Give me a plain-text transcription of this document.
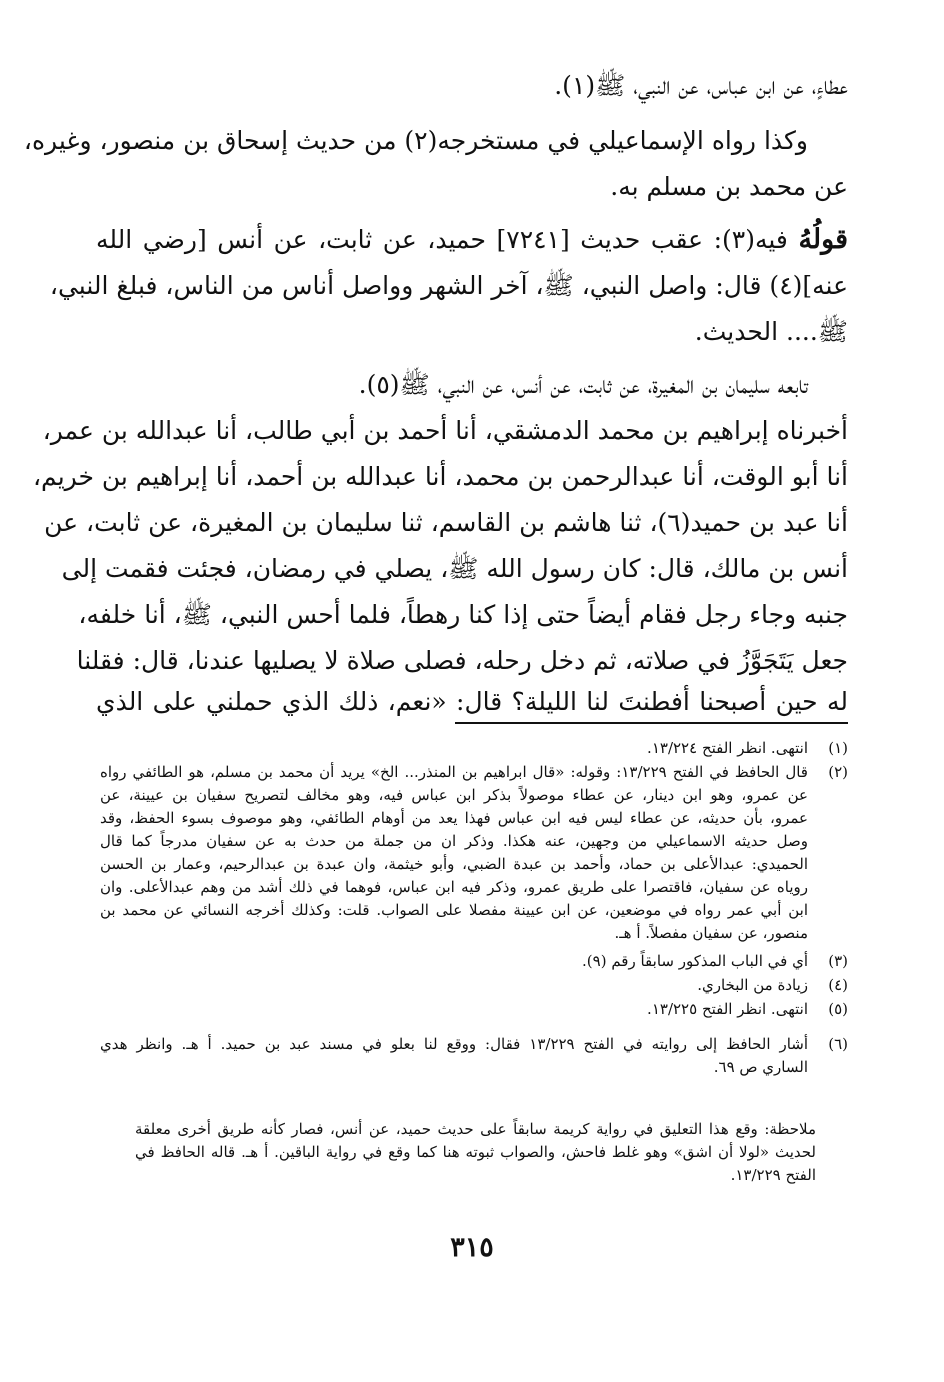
عطاءٍ، عن ابن عباس، عن النبي، ﷺ(١).
وكذا رواه الإسماعيلي في مستخرجه(٢) من حديث إسحاق بن منصور، وغيره،
عن محمد بن مسلم به.
قولُهُ فيه(٣): عقب حديث [٧٢٤١] حميد، عن ثابت، عن أنس [رضي الله
عنه](٤) قال: واصل النبي، ﷺ، آخر الشهر وواصل أناس من الناس، فبلغ النبي،
ﷺ.... الحديث.
تابعه سليمان بن المغيرة، عن ثابت، عن أنس، عن النبي، ﷺ(٥).
أخبرناه إبراهيم بن محمد الدمشقي، أنا أحمد بن أبي طالب، أنا عبدالله بن عمر،
أنا أبو الوقت، أنا عبدالرحمن بن محمد، أنا عبدالله بن أحمد، أنا إبراهيم بن خريم،
أنا عبد بن حميد(٦)، ثنا هاشم بن القاسم، ثنا سليمان بن المغيرة، عن ثابت، عن
أنس بن مالك، قال: كان رسول الله ﷺ، يصلي في رمضان، فجئت فقمت إلى
جنبه وجاء رجل فقام أيضاً حتى إذا كنا رهطاً، فلما أحس النبي، ﷺ، أنا خلفه،
جعل يَتَجَوَّزُ في صلاته، ثم دخل رحله، فصلى صلاة لا يصليها عندنا، قال: فقلنا
له حين أصبحنا أفطنتَ لنا الليلة؟ قال: «نعم، ذلك الذي حملني على الذي
(١)
انتهى. انظر الفتح ١٣/٢٢٤.
(٢)
قال الحافظ في الفتح ١٣/٢٢٩: وقوله: «قال ابراهيم بن المنذر... الخ» يريد أن محمد بن مسلم، هو الطائفي رواه
عن عمرو، وهو ابن دينار، عن عطاء موصولاً بذكر ابن عباس فيه، وهو مخالف لتصريح سفيان بن عيينة، عن
عمرو، بأن حديثه، عن عطاء ليس فيه ابن عباس فهذا يعد من أوهام الطائفي، وهو موصوف بسوء الحفظ، وقد
وصل حديثه الاسماعيلي من وجهين، عنه هكذا. وذكر ان من جملة من حدث به عن سفيان مدرجاً كما قال
الحميدي: عبدالأعلى بن حماد، وأحمد بن عبدة الضبي، وأبو خيثمة، وان عبدة بن عبدالرحيم، وعمار بن الحسن
روياه عن سفيان، فاقتصرا على طريق عمرو، وذكر فيه ابن عباس، فوهما في ذلك أشد من وهم عبدالأعلى. وان
ابن أبي عمر رواه في موضعين، عن ابن عيينة مفصلا على الصواب. قلت: وكذلك أخرجه النسائي عن محمد بن
منصور، عن سفيان مفصلاً. أ هـ.
(٣)
أي في الباب المذكور سابقاً رقم (٩).
(٤)
زيادة من البخاري.
(٥)
انتهى. انظر الفتح ١٣/٢٢٥.
(٦)
أشار الحافظ إلى روايته في الفتح ١٣/٢٢٩ فقال: ووقع لنا بعلو في مسند عبد بن حميد. أ هـ. وانظر هدي
الساري ص ٦٩.
ملاحظة: وقع هذا التعليق في رواية كريمة سابقاً على حديث حميد، عن أنس، فصار كأنه طريق أخرى معلقة
لحديث «لولا أن اشق» وهو غلط فاحش، والصواب ثبوته هنا كما وقع في رواية الباقين. أ هـ. قاله الحافظ في
الفتح ١٣/٢٢٩.
٣١٥
